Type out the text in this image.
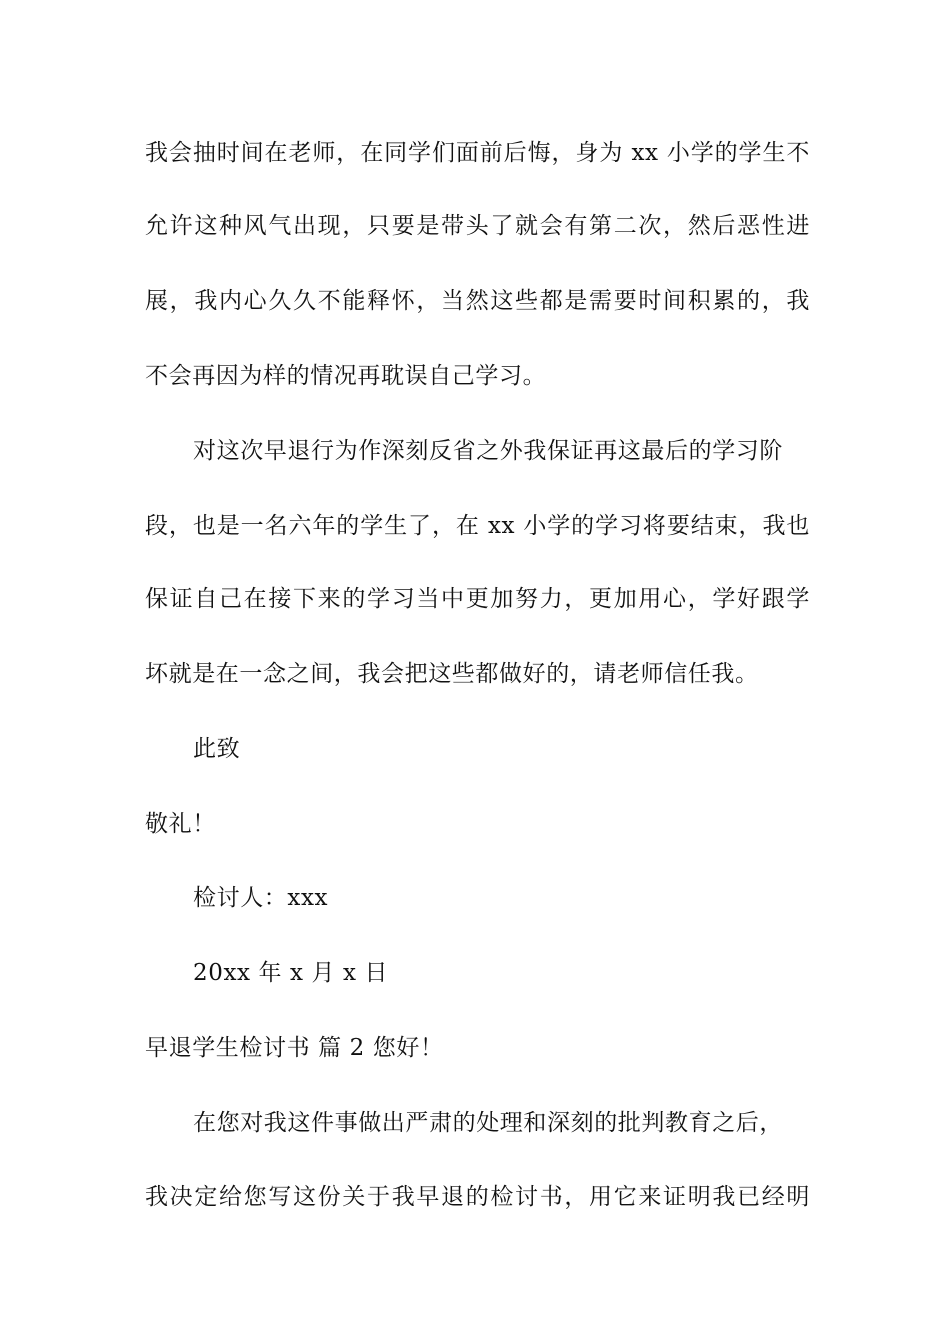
我会抽时间在老师，在同学们面前后悔，身为 xx 小学的学生不
允许这种风气出现，只要是带头了就会有第二次，然后恶性进
展，我内心久久不能释怀，当然这些都是需要时间积累的，我
不会再因为样的情况再耽误自己学习。
对这次早退行为作深刻反省之外我保证再这最后的学习阶
段，也是一名六年的学生了，在 xx 小学的学习将要结束，我也
保证自己在接下来的学习当中更加努力，更加用心，学好跟学
坏就是在一念之间，我会把这些都做好的，请老师信任我。
此致
敬礼！
检讨人：xxx
20xx 年 x 月 x 日
早退学生检讨书 篇 2 您好！
在您对我这件事做出严肃的处理和深刻的批判教育之后，
我决定给您写这份关于我早退的检讨书，用它来证明我已经明
